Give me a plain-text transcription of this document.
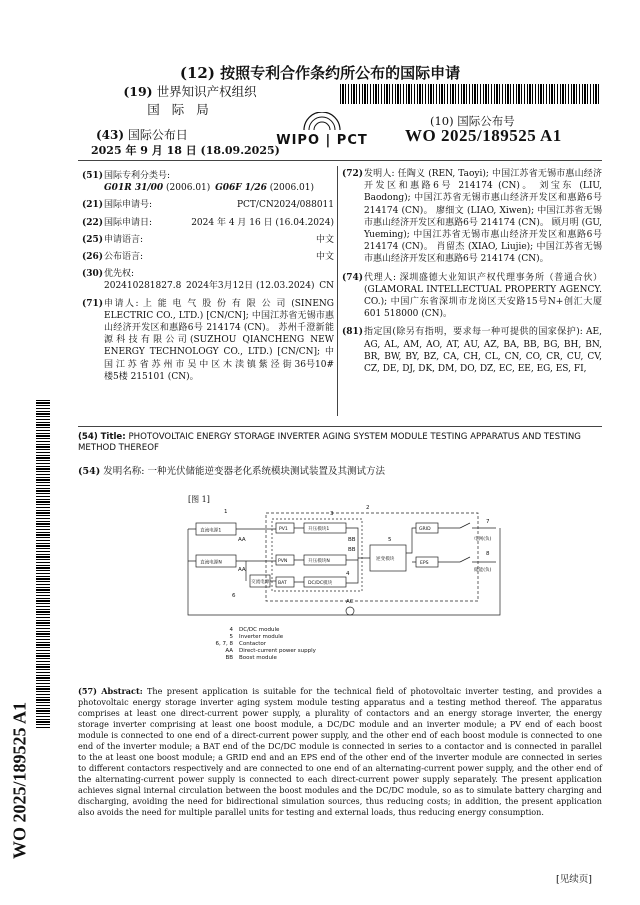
(12) 按照专利合作条约所公布的国际申请
(19) 世界知识产权组织
国 际 局
(43) 国际公布日
2025 年 9 月 18 日 (18.09.2025)
WIPO | PCT
(10) 国际公布号
WO 2025/189525 A1
(51)国际专利分类号:
G01R 31/00 (2006.01) G06F 1/26 (2006.01)
(21)国际申请号:	PCT/CN2024/088011
(22)国际申请日:	2024 年 4 月 16 日 (16.04.2024)
(25)申请语言:	中文
(26)公布语言:	中文
(30)优先权:
202410281827.8 2024年3月12日 (12.03.2024) CN
(71) 申请人: 上 能 电 气 股 份 有 限 公 司 (SINENG ELECTRIC CO., LTD.) [CN/CN]; 中国江苏省无锡市惠山经济开发区和惠路6号 214174 (CN)。 苏州千澄新能源科技有限公司(SUZHOU QIANCHENG NEW ENERGY TECHNOLOGY CO., LTD.) [CN/CN]; 中 国 江 苏 省 苏 州 市 吴 中 区 木 渎 镇 紫 泾 街 36号10#楼5楼 215101 (CN)。
(72) 发明人: 任陶义 (REN, Taoyi); 中国江苏省无锡市惠山经济开发区和惠路6号 214174 (CN)。 刘宝东 (LIU, Baodong); 中国江苏省无锡市惠山经济开发区和惠路6号 214174 (CN)。 廖细文 (LIAO, Xiwen); 中国江苏省无锡市惠山经济开发区和惠路6号 214174 (CN)。 顾月明 (GU, Yueming); 中国江苏省无锡市惠山经济开发区和惠路6号 214174 (CN)。 肖留杰 (XIAO, Liujie); 中国江苏省无锡市惠山经济开发区和惠路6号 214174 (CN)。
(74) 代理人: 深圳盛德大业知识产权代理事务所（普通合伙）(GLAMORAL INTELLECTUAL PROPERTY AGENCY. CO.); 中国广东省深圳市龙岗区天安路15号N+创汇大厦601 518000 (CN)。
(81) 指定国(除另有指明，要求每一种可提供的国家保护): AE, AG, AL, AM, AO, AT, AU, AZ, BA, BB, BG, BH, BN, BR, BW, BY, BZ, CA, CH, CL, CN, CO, CR, CU, CV, CZ, DE, DJ, DK, DM, DO, DZ, EC, EE, EG, ES, FI,
(54) Title: PHOTOVOLTAIC ENERGY STORAGE INVERTER AGING SYSTEM MODULE TESTING APPARATUS AND TESTING METHOD THEREOF
(54) 发明名称: 一种光伏储能逆变器老化系统模块测试装置及其测试方法
[图 1]
直流电源1
直流电源N
PV1
PVN
BAT
升压模块1
升压模块N
DC/DC模块
逆变模块
GRID
EPS
交流电源
电网(负)
储能(负)
1
2
3
4
5
6
7
8
AA	BB
AA
BB
AC
4 DC/DC module
5 Inverter module
6, 7, 8 Contactor
AA Direct-current power supply
BB Boost module
(57) Abstract: The present application is suitable for the technical field of photovoltaic inverter testing, and provides a photovoltaic energy storage inverter aging system module testing apparatus and a testing method thereof. The apparatus comprises at least one direct-current power supply, a plurality of contactors and an energy storage inverter, the energy storage inverter comprising at least one boost module, a DC/DC module and an inverter module; a PV end of each boost module is connected to one end of a direct-current power supply, and the other end of each boost module is connected to one end of the inverter module; a BAT end of the DC/DC module is connected in series to a contactor and is connected in parallel to the at least one boost module; a GRID end and an EPS end of the other end of the inverter module are connected in series to different contactors respectively and are connected to one end of an alternating-current power supply, and the other end of the alternating-current power supply is connected to each direct-current power supply separately. The present application achieves signal internal circulation between the boost modules and the DC/DC module, so as to simulate battery charging and discharging, avoiding the need for bidirectional simulation sources, thus reducing costs; in addition, the present application also avoids the need for multiple parallel units for testing and external loads, thus reducing energy consumption.
WO 2025/189525 A1
[见续页]
